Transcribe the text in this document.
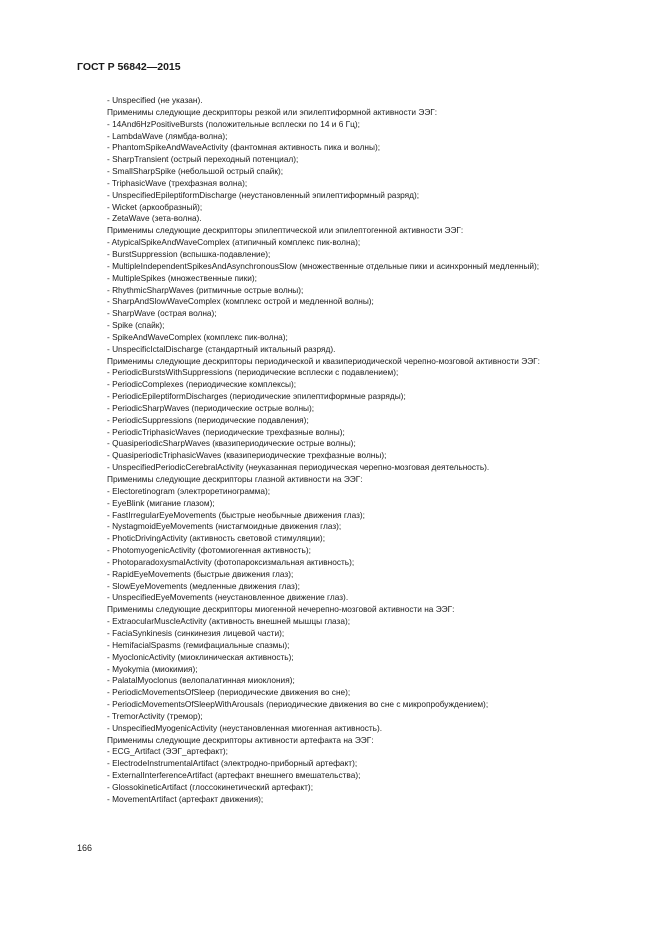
ГОСТ Р 56842—2015
- Unspecified (не указан).
Применимы следующие дескрипторы резкой или эпилептиформной активности ЭЭГ:
- 14And6HzPositiveBursts (положительные всплески по 14 и 6 Гц);
- LambdaWave (лямбда-волна);
- PhantomSpikeAndWaveActivity (фантомная активность пика и волны);
- SharpTransient (острый переходный потенциал);
- SmallSharpSpike (небольшой острый спайк);
- TriphasicWave (трехфазная волна);
- UnspecifiedEpileptiformDischarge (неустановленный эпилептиформный разряд);
- Wicket (аркообразный);
- ZetaWave (зета-волна).
Применимы следующие дескрипторы эпилептической или эпилептогенной активности ЭЭГ:
- AtypicalSpikeAndWaveComplex (атипичный комплекс пик-волна);
- BurstSuppression (вспышка-подавление);
- MultipleIndependentSpikesAndAsynchronousSlow (множественные отдельные пики и асинхронный медленный);
- MultipleSpikes (множественные пики);
- RhythmicSharpWaves (ритмичные острые волны);
- SharpAndSlowWaveComplex (комплекс острой и медленной волны);
- SharpWave (острая волна);
- Spike (спайк);
- SpikeAndWaveComplex (комплекс пик-волна);
- UnspecificIctalDischarge (стандартный иктальный разряд).
Применимы следующие дескрипторы периодической и квазипериодической черепно-мозговой активности ЭЭГ:
- PeriodicBurstsWithSuppressions (периодические всплески с подавлением);
- PeriodicComplexes (периодические комплексы);
- PeriodicEpileptiformDischarges (периодические эпилептиформные разряды);
- PeriodicSharpWaves (периодические острые волны);
- PeriodicSuppressions (периодические подавления);
- PeriodicTriphasicWaves (периодические трехфазные волны);
- QuasiperiodicSharpWaves (квазипериодические острые волны);
- QuasiperiodicTriphasicWaves (квазипериодические трехфазные волны);
- UnspecifiedPeriodicCerebralActivity (неуказанная периодическая черепно-мозговая деятельность).
Применимы следующие дескрипторы глазной активности на ЭЭГ:
- Electoretinogram (электроретинограмма);
- EyeBlink (мигание глазом);
- FastIrregularEyeMovements (быстрые необычные движения глаз);
- NystagmoidEyeMovements (нистагмоидные движения глаз);
- PhoticDrivingActivity (активность световой стимуляции);
- PhotomyogenicActivity (фотомиогенная активность);
- PhotoparadoxysmalActivity (фотопароксизмальная активность);
- RapidEyeMovements (быстрые движения глаз);
- SlowEyeMovements (медленные движения глаз);
- UnspecifiedEyeMovements (неустановленное движение глаз).
Применимы следующие дескрипторы миогенной нечерепно-мозговой активности на ЭЭГ:
- ExtraocularMuscleActivity (активность внешней мышцы глаза);
- FaciaSynkinesis (синкинезия лицевой части);
- HemifacialSpasms (гемифациальные спазмы);
- MyoclonicActivity (миоклиническая активность);
- Myokymia (миокимия);
- PalatalMyoclonus (велопалатинная миоклония);
- PeriodicMovementsOfSleep (периодические движения во сне);
- PeriodicMovementsOfSleepWithArousals (периодические движения во сне с микропробуждением);
- TremorActivity (тремор);
- UnspecifiedMyogenicActivity (неустановленная миогенная активность).
Применимы следующие дескрипторы активности артефакта на ЭЭГ:
- ECG_Artifact (ЭЭГ_артефакт);
- ElectrodeInstrumentalArtifact (электродно-приборный артефакт);
- ExternalInterferenceArtifact (артефакт внешнего вмешательства);
- GlossokineticArtifact (глоссокинетический артефакт);
- MovementArtifact (артефакт движения);
166
